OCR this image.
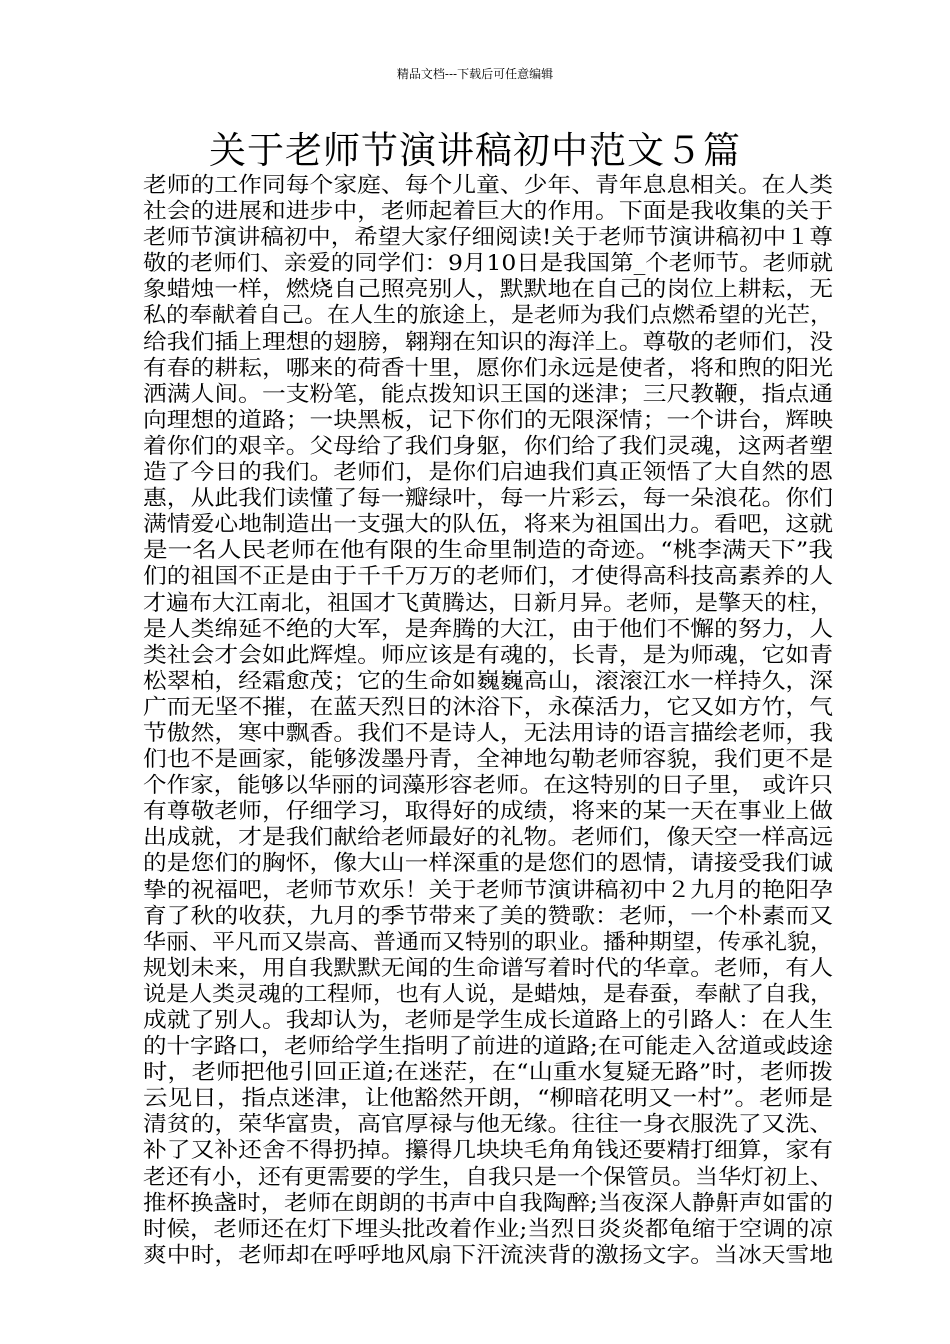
精品文档---下载后可任意编辑
关于老师节演讲稿初中范文５篇
老师的工作同每个家庭、每个儿童、少年、青年息息相关。在人类
社会的进展和进步中，老师起着巨大的作用。下面是我收集的关于
老师节演讲稿初中，希望大家仔细阅读!关于老师节演讲稿初中１尊
敬的老师们、亲爱的同学们：9月10日是我国第_个老师节。老师就
象蜡烛一样，燃烧自己照亮别人，默默地在自己的岗位上耕耘，无
私的奉献着自己。在人生的旅途上，是老师为我们点燃希望的光芒，
给我们插上理想的翅膀，翱翔在知识的海洋上。尊敬的老师们，没
有春的耕耘，哪来的荷香十里，愿你们永远是使者，将和煦的阳光
洒满人间。一支粉笔，能点拨知识王国的迷津；三尺教鞭，指点通
向理想的道路；一块黑板，记下你们的无限深情；一个讲台，辉映
着你们的艰辛。父母给了我们身躯，你们给了我们灵魂，这两者塑
造了今日的我们。老师们，是你们启迪我们真正领悟了大自然的恩
惠，从此我们读懂了每一瓣绿叶，每一片彩云，每一朵浪花。你们
满情爱心地制造出一支强大的队伍，将来为祖国出力。看吧，这就
是一名人民老师在他有限的生命里制造的奇迹。“桃李满天下”我
们的祖国不正是由于千千万万的老师们，才使得高科技高素养的人
才遍布大江南北，祖国才飞黄腾达，日新月异。老师，是擎天的柱，
是人类绵延不绝的大军，是奔腾的大江，由于他们不懈的努力，人
类社会才会如此辉煌。师应该是有魂的，长青，是为师魂，它如青
松翠柏，经霜愈茂；它的生命如巍巍高山，滚滚江水一样持久，深
广而无坚不摧，在蓝天烈日的沐浴下，永葆活力，它又如方竹，气
节傲然，寒中飘香。我们不是诗人，无法用诗的语言描绘老师，我
们也不是画家，能够泼墨丹青，全神地勾勒老师容貌，我们更不是
个作家，能够以华丽的词藻形容老师。在这特别的日子里， 或许只
有尊敬老师，仔细学习，取得好的成绩，将来的某一天在事业上做
出成就，才是我们献给老师最好的礼物。老师们，像天空一样高远
的是您们的胸怀，像大山一样深重的是您们的恩情，请接受我们诚
挚的祝福吧，老师节欢乐！关于老师节演讲稿初中２九月的艳阳孕
育了秋的收获，九月的季节带来了美的赞歌：老师，一个朴素而又
华丽、平凡而又崇高、普通而又特别的职业。播种期望，传承礼貌，
规划未来，用自我默默无闻的生命谱写着时代的华章。老师，有人
说是人类灵魂的工程师，也有人说，是蜡烛，是春蚕，奉献了自我，
成就了别人。我却认为，老师是学生成长道路上的引路人：在人生
的十字路口，老师给学生指明了前进的道路;在可能走入岔道或歧途
时，老师把他引回正道;在迷茫，在“山重水复疑无路”时，老师拨
云见日，指点迷津，让他豁然开朗，“柳暗花明又一村”。老师是
清贫的，荣华富贵，高官厚禄与他无缘。往往一身衣服洗了又洗、
补了又补还舍不得扔掉。攥得几块块毛角角钱还要精打细算，家有
老还有小，还有更需要的学生，自我只是一个保管员。当华灯初上、
推杯换盏时，老师在朗朗的书声中自我陶醉;当夜深人静鼾声如雷的
时候，老师还在灯下埋头批改着作业;当烈日炎炎都龟缩于空调的凉
爽中时，老师却在呼呼地风扇下汗流浃背的激扬文字。当冰天雪地
